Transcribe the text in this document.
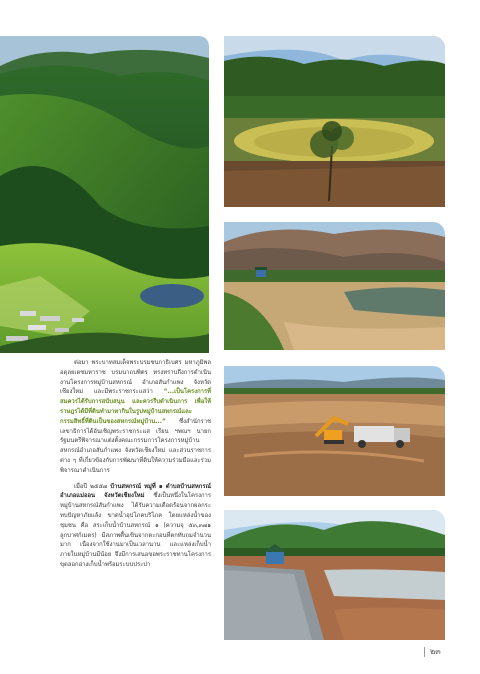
ต่อมา พระบาทสมเด็จพระบรมชนกาธิเบศร มหาภูมิพลอดุลยเดชมหาราช บรมนาถบพิตร ทรงทราบถึงการดำเนินงานโครงการหมู่บ้านสหกรณ์ อำเภอสันกำแพง จังหวัดเชียงใหม่ และมีพระราชกระแสว่า “...เป็นโครงการที่สมควรได้รับการสนับสนุน และควรรีบดำเนินการ เพื่อให้ราษฎรได้มีที่ดินทำมาหากินในรูปหมู่บ้านสหกรณ์และกรรมสิทธิ์ที่ดินเป็นของสหกรณ์หมู่บ้าน...” ซึ่งสำนักราชเลขาธิการได้อันเชิญพระราชกระแส เรียน ฯพณฯ นายกรัฐมนตรีพิจารณาแต่งตั้งคณะกรรมการโครงการหมู่บ้านสหกรณ์อำเภอสันกำแพง จังหวัดเชียงใหม่ และส่วนราชการต่าง ๆ ที่เกี่ยวข้องกับการพัฒนาที่ดินให้ความร่วมมือและร่วมพิจารณาดำเนินการ

เมื่อปี ๒๕๕๗ บ้านสหกรณ์ หมู่ที่ ๑ ตำบลบ้านสหกรณ์ อำเภอแม่ออน จังหวัดเชียงใหม่ ซึ่งเป็นหนึ่งในโครงการหมู่บ้านสหกรณ์สันกำแพง ได้รับความเดือดร้อนจากผลกระทบปัญหาภัยแล้ง ขาดน้ำอุปโภคบริโภค โดยแหล่งน้ำของชุมชน คือ สระเก็บน้ำบ้านสหกรณ์ ๑ (ความจุ ๕๓,๓๗๑ ลูกบาศก์เมตร) มีสภาพตื้นเขินจากตะกอนที่ตกทับถมจำนวนมาก เนื่องจากใช้งานมาเป็นเวลานาน และแหล่งเก็บน้ำภายในหมู่บ้านมีน้อย จึงมีการเสนอขอพระราชทานโครงการขุดลอกอ่างเก็บน้ำพร้อมระบบประปา

๒๓
